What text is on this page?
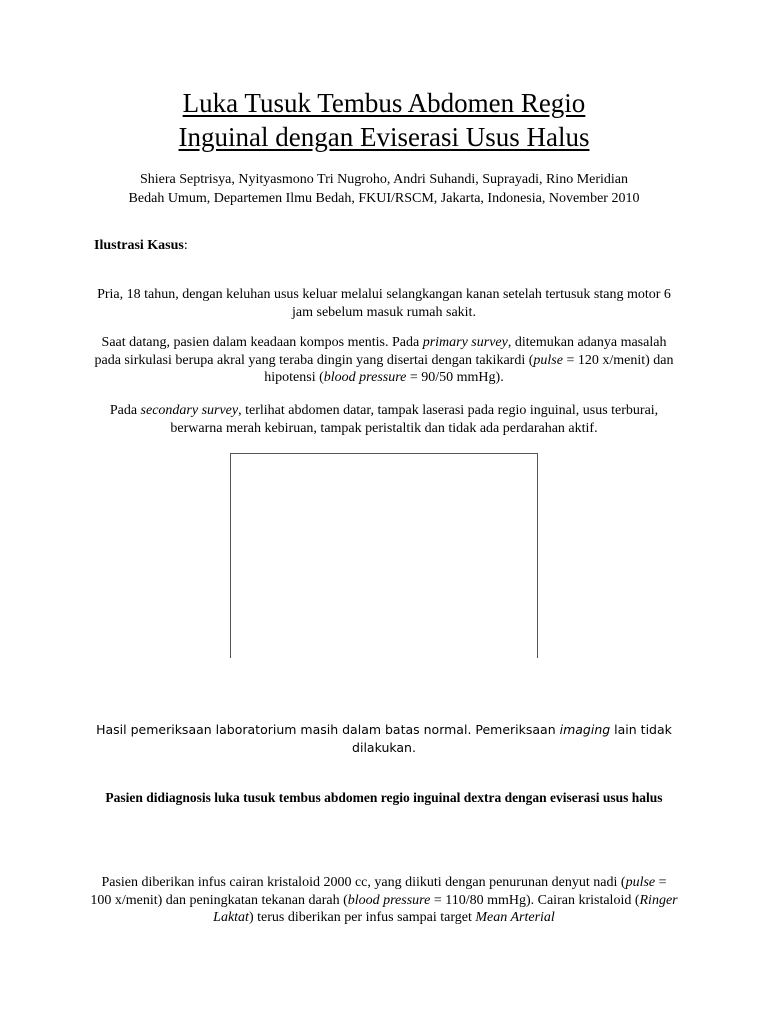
Luka Tusuk Tembus Abdomen Regio
Inguinal dengan Eviserasi Usus Halus
Shiera Septrisya, Nyityasmono Tri Nugroho, Andri Suhandi, Suprayadi, Rino Meridian
Bedah Umum, Departemen Ilmu Bedah, FKUI/RSCM, Jakarta, Indonesia, November 2010
Ilustrasi Kasus:

Pria, 18 tahun, dengan keluhan usus keluar melalui selangkangan kanan setelah tertusuk stang motor 6 jam sebelum masuk rumah sakit.

Saat datang, pasien dalam keadaan kompos mentis. Pada primary survey, ditemukan adanya masalah pada sirkulasi berupa akral yang teraba dingin yang disertai dengan takikardi (pulse = 120 x/menit) dan hipotensi (blood pressure = 90/50 mmHg).

Pada secondary survey, terlihat abdomen datar, tampak laserasi pada regio inguinal, usus terburai, berwarna merah kebiruan, tampak peristaltik dan tidak ada perdarahan aktif.

Hasil pemeriksaan laboratorium masih dalam batas normal. Pemeriksaan imaging lain tidak dilakukan.

Pasien didiagnosis luka tusuk tembus abdomen regio inguinal dextra dengan eviserasi usus halus

Pasien diberikan infus cairan kristaloid 2000 cc, yang diikuti dengan penurunan denyut nadi (pulse = 100 x/menit) dan peningkatan tekanan darah (blood pressure = 110/80 mmHg). Cairan kristaloid (Ringer Laktat) terus diberikan per infus sampai target Mean Arterial
